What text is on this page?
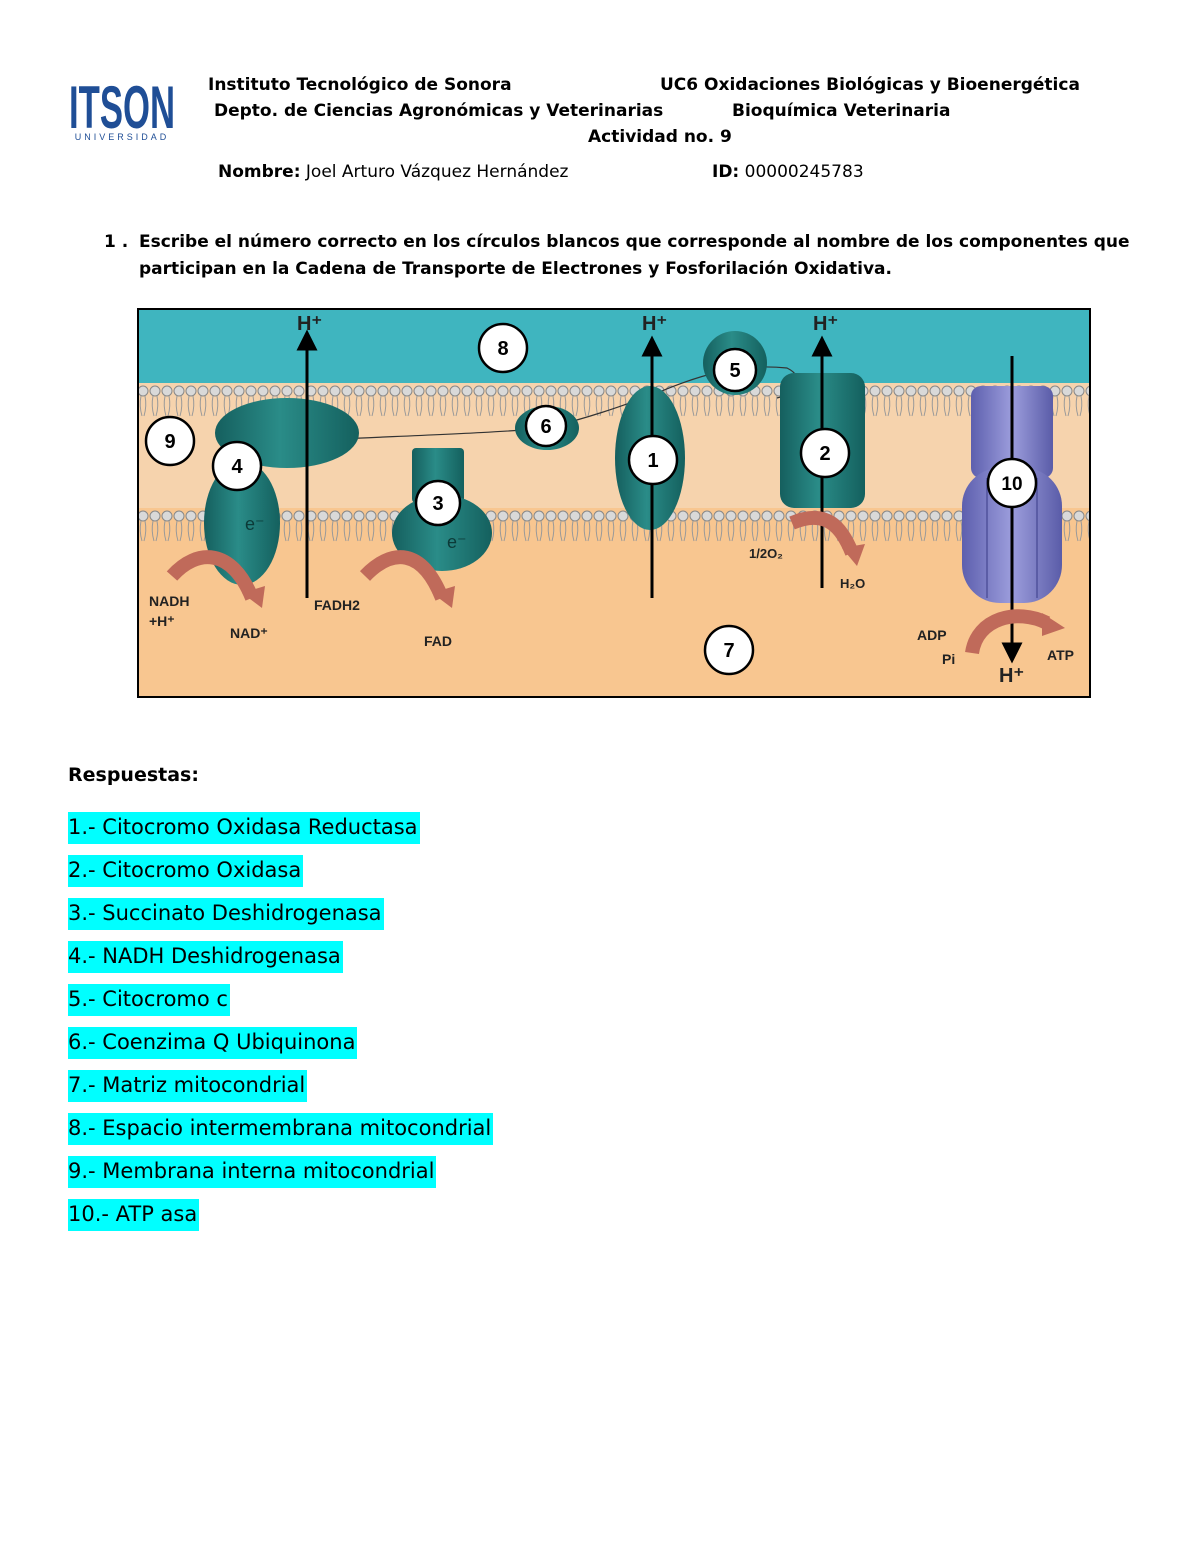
ITSON
UNIVERSIDAD
Instituto Tecnológico de Sonora	UC6 Oxidaciones Biológicas y Bioenergética
Depto. de Ciencias Agronómicas y Veterinarias	Bioquímica Veterinaria
Actividad no. 9
Nombre: Joel Arturo Vázquez Hernández	ID: 00000245783
1 . Escribe el número correcto en los círculos blancos que corresponde al nombre de los componentes que
participan en la Cadena de Transporte de Electrones y Fosforilación Oxidativa.
e⁻
e⁻
H⁺	H⁺	H⁺
H⁺
NADH
+H⁺
NAD⁺
FADH2
FAD
1/2O₂
H₂O
ADP
Pi	ATP
1	2
3
4
5
6
7
8
9
10
Respuestas:
1.- Citocromo Oxidasa Reductasa
2.- Citocromo Oxidasa
3.- Succinato Deshidrogenasa
4.- NADH Deshidrogenasa
5.- Citocromo c
6.- Coenzima Q Ubiquinona
7.- Matriz mitocondrial
8.- Espacio intermembrana mitocondrial
9.- Membrana interna mitocondrial
10.- ATP asa
